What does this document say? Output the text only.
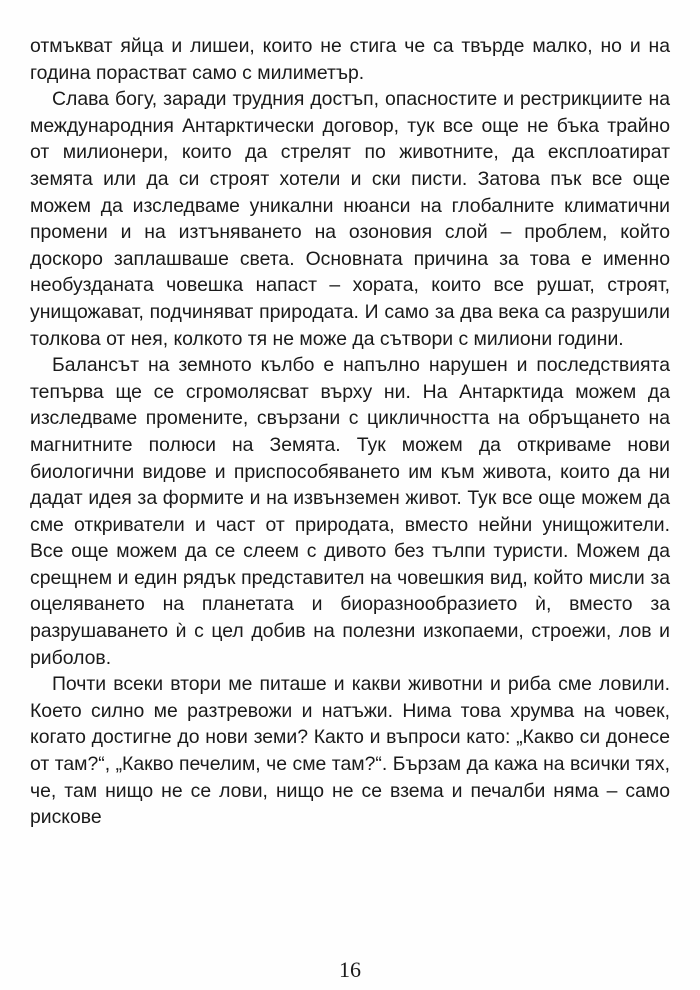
отмъкват яйца и лишеи, които не стига че са твърде малко, но и на година порастват само с милиметър.

Слава богу, заради трудния достъп, опасностите и рестрикциите на международния Антарктически договор, тук все още не бъка трайно от милионери, които да стрелят по животните, да експлоатират земята или да си строят хотели и ски писти. Затова пък все още можем да изследваме уникални нюанси на глобалните климатични промени и на изтъняването на озоновия слой – проблем, който доскоро заплашваше света. Основната причина за това е именно необузданата човешка напаст – хората, които все рушат, строят, унищожават, подчиняват природата. И само за два века са разрушили толкова от нея, колкото тя не може да сътвори с милиони години.

Балансът на земното кълбо е напълно нарушен и последствията тепърва ще се сгромолясват върху ни. На Антарктида можем да изследваме промените, свързани с цикличността на обръщането на магнитните полюси на Земята. Тук можем да откриваме нови биологични видове и приспособяването им към живота, които да ни дадат идея за формите и на извънземен живот. Тук все още можем да сме откриватели и част от природата, вместо нейни унищожители. Все още можем да се слеем с дивото без тълпи туристи. Можем да срещнем и един рядък представител на човешкия вид, който мисли за оцеляването на планетата и биоразнообразието ѝ, вместо за разрушаването ѝ с цел добив на полезни изкопаеми, строежи, лов и риболов.

Почти всеки втори ме питаше и какви животни и риба сме ловили. Което силно ме разтревожи и натъжи. Нима това хрумва на човек, когато достигне до нови земи? Както и въпроси като: „Какво си донесе от там?“, „Какво печелим, че сме там?“. Бързам да кажа на всички тях, че, там нищо не се лови, нищо не се взема и печалби няма – само рискове

16
